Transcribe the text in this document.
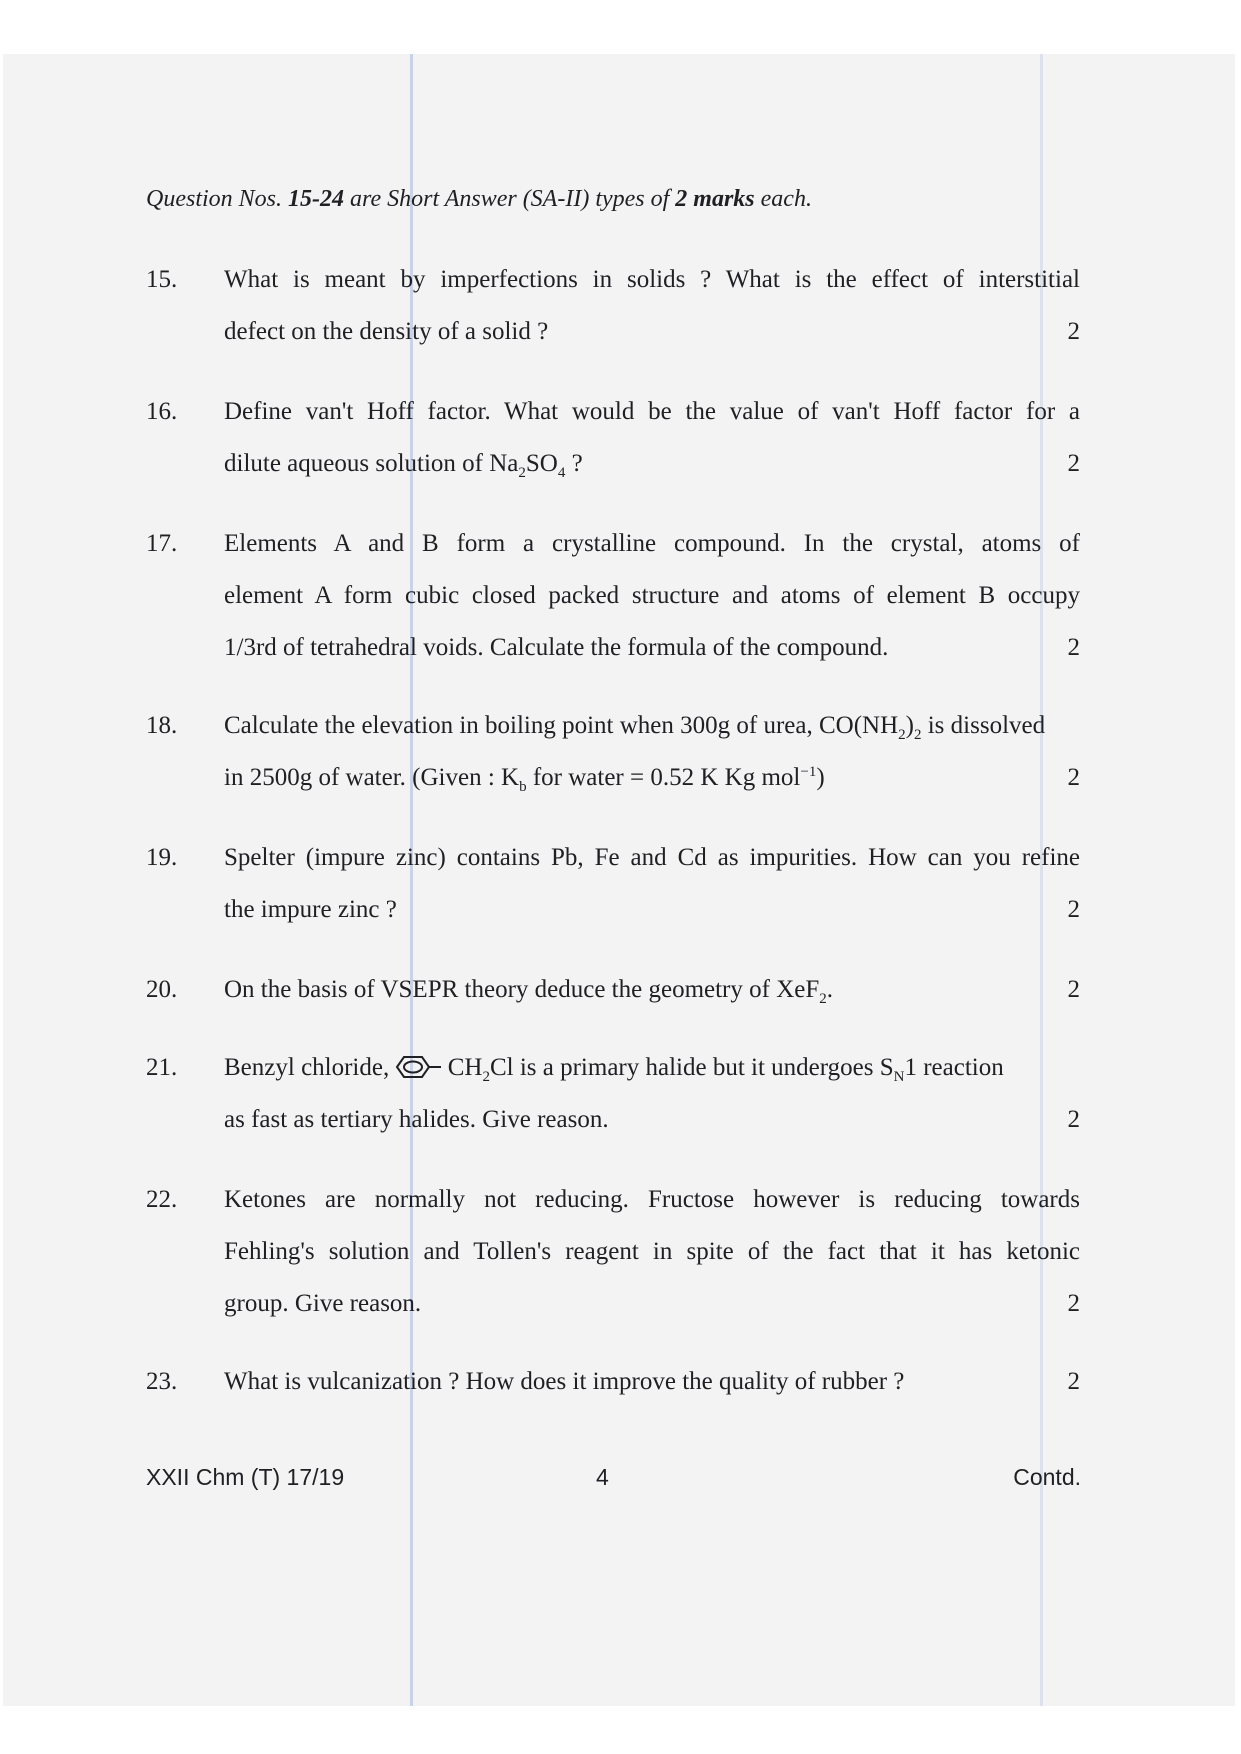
Question Nos. 15-24 are Short Answer (SA-II) types of 2 marks each.
15. What is meant by imperfections in solids ? What is the effect of interstitial
defect on the density of a solid ?	2
16. Define van't Hoff factor. What would be the value of van't Hoff factor for a
dilute aqueous solution of $Na_2SO_4$ ?	2
17. Elements A and B form a crystalline compound. In the crystal, atoms of
element A form cubic closed packed structure and atoms of element B occupy
1/3rd of tetrahedral voids. Calculate the formula of the compound.	2
18. Calculate the elevation in boiling point when 300g of urea, $CO(NH_2)_2$ is dissolved
in 2500g of water. (Given : $K_b$ for water = 0.52 K Kg mol$^{-1}$)	2
19. Spelter (impure zinc) contains Pb, Fe and Cd as impurities. How can you refine
the impure zinc ?	2
20. On the basis of VSEPR theory deduce the geometry of XeF$_2$.	2
21. Benzyl chloride,  $CH_2Cl$ is a primary halide but it undergoes $S_N1$ reaction
as fast as tertiary halides. Give reason.	2
22. Ketones are normally not reducing. Fructose however is reducing towards
Fehling's solution and Tollen's reagent in spite of the fact that it has ketonic
group. Give reason.	2
23. What is vulcanization ? How does it improve the quality of rubber ?	2
XXII Chm (T) 17/19	4	Contd.
